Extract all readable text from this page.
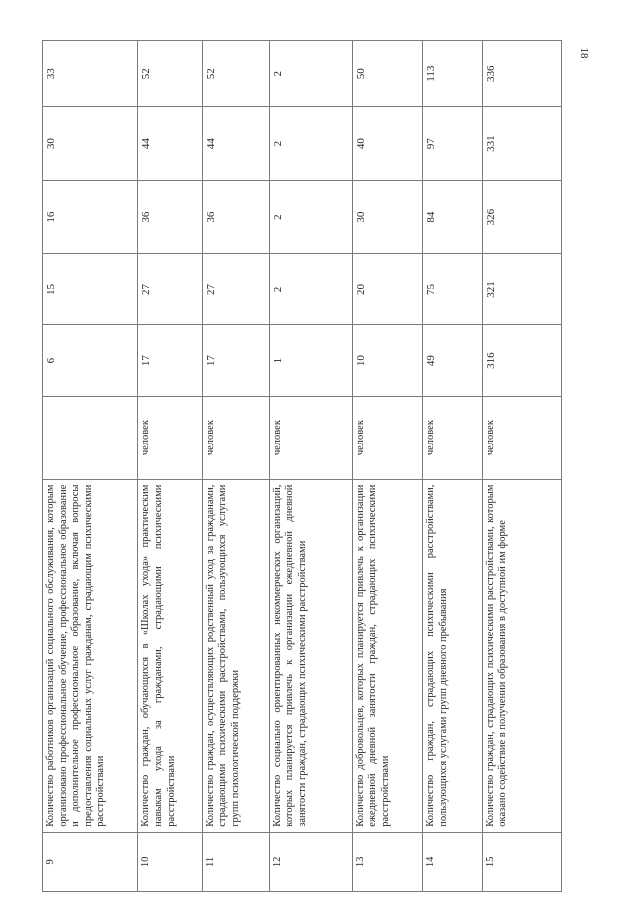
18
9	Количество работников организаций социального обслуживания, которым организовано профессиональное обучение, профессиональное образование и дополнительное профессиональное образование, включая вопросы предоставления социальных услуг гражданам, страдающим психическими расстройствами		6	15	16	30	33
10	Количество граждан, обучающихся в «Школах ухода» практическим навыкам ухода за гражданами, страдающими психическими расстройствами	человек	17	27	36	44	52
11	Количество граждан, осуществляющих родственный уход за гражданами, страдающими психическими расстройствами, пользующихся услугами групп психологической поддержки	человек	17	27	36	44	52
12	Количество социально ориентированных некоммерческих организаций, которых планируется привлечь к организации ежедневной дневной занятости граждан, страдающих психическими расстройствами	человек	1	2	2	2	2
13	Количество добровольцев, которых планируется привлечь к организации ежедневной дневной занятости граждан, страдающих психическими расстройствами	человек	10	20	30	40	50
14	Количество граждан, страдающих психическими расстройствами, пользующихся услугами групп дневного пребывания	человек	49	75	84	97	113
15	Количество граждан, страдающих психическими расстройствами, которым оказано содействие в получении образования в доступной им форме	человек	316	321	326	331	336
